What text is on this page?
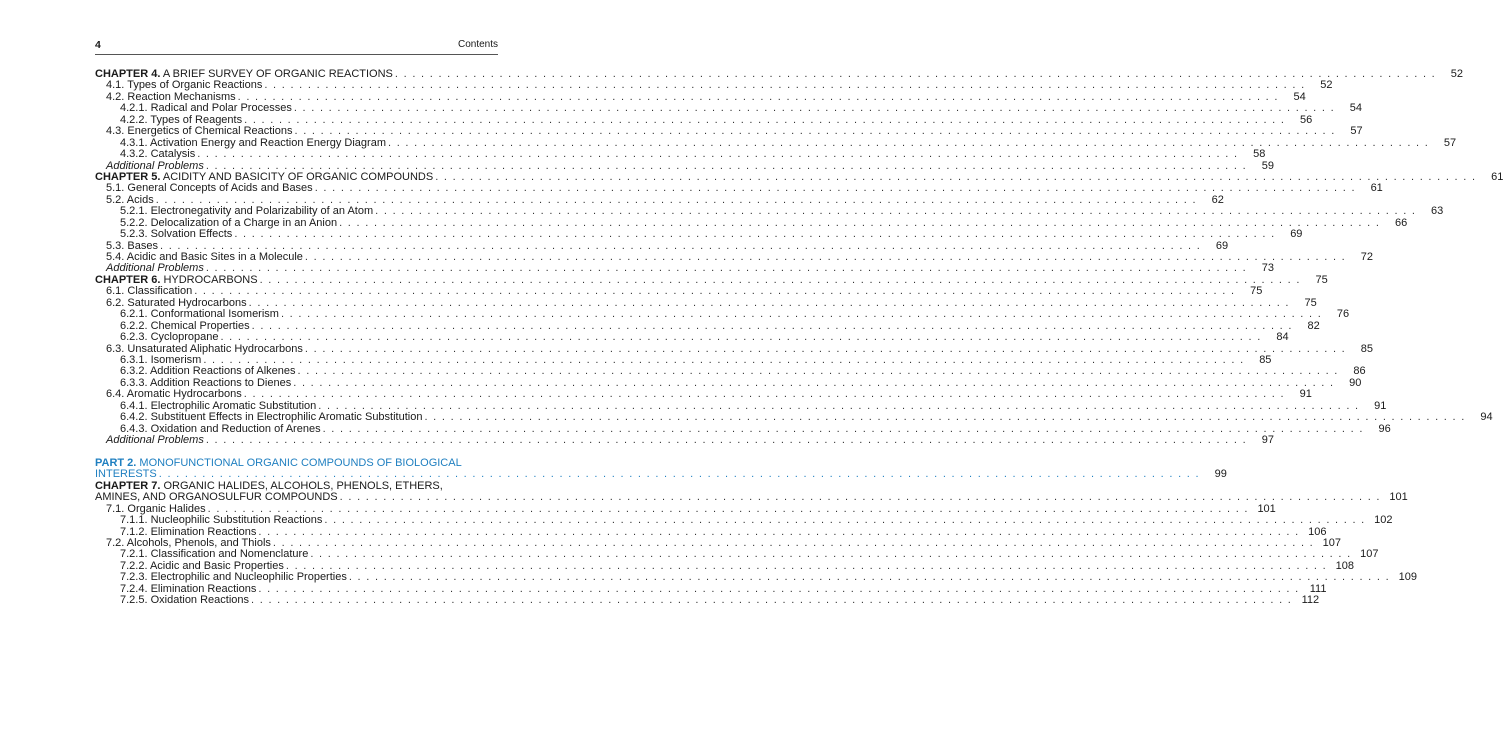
4	Contents
CHAPTER 4. A BRIEF SURVEY OF ORGANIC REACTIONS . . . . . . . . . . . . . . . . . . . . . . . . . . . . . . . . . . . . . . . . . . . . . . . . . . . . . . . . . . . . . . . . . . . . . . . . . . . . . . . . . . . . . . . . . . . . . . . . . . . . . . . . . . . . . . . . . . . . . . . .	52
4.1. Types of Organic Reactions . . . . . . . . . . . . . . . . . . . . . . . . . . . . . . . . . . . . . . . . . . . . . . . . . . . . . . . . . . . . . . . . . . . . . . . . . . . . . . . . . . . . . . . . . . . . . . . . . . . . . . . . . . . . . . . . . . . . . . . .	52
4.2. Reaction Mechanisms . . . . . . . . . . . . . . . . . . . . . . . . . . . . . . . . . . . . . . . . . . . . . . . . . . . . . . . . . . . . . . . . . . . . . . . . . . . . . . . . . . . . . . . . . . . . . . . . . . . . . . . . . . . . . . . . . . . . . . . .	54
4.2.1. Radical and Polar Processes . . . . . . . . . . . . . . . . . . . . . . . . . . . . . . . . . . . . . . . . . . . . . . . . . . . . . . . . . . . . . . . . . . . . . . . . . . . . . . . . . . . . . . . . . . . . . . . . . . . . . . . . . . . . . . . . . . . . . . . .	54
4.2.2. Types of Reagents . . . . . . . . . . . . . . . . . . . . . . . . . . . . . . . . . . . . . . . . . . . . . . . . . . . . . . . . . . . . . . . . . . . . . . . . . . . . . . . . . . . . . . . . . . . . . . . . . . . . . . . . . . . . . . . . . . . . . . . .	56
4.3. Energetics of Chemical Reactions . . . . . . . . . . . . . . . . . . . . . . . . . . . . . . . . . . . . . . . . . . . . . . . . . . . . . . . . . . . . . . . . . . . . . . . . . . . . . . . . . . . . . . . . . . . . . . . . . . . . . . . . . . . . . . . . . . . . . . . .	57
4.3.1. Activation Energy and Reaction Energy Diagram . . . . . . . . . . . . . . . . . . . . . . . . . . . . . . . . . . . . . . . . . . . . . . . . . . . . . . . . . . . . . . . . . . . . . . . . . . . . . . . . . . . . . . . . . . . . . . . . . . . . . . . . . . . . . . . . . . . . . . . .	57
4.3.2. Catalysis . . . . . . . . . . . . . . . . . . . . . . . . . . . . . . . . . . . . . . . . . . . . . . . . . . . . . . . . . . . . . . . . . . . . . . . . . . . . . . . . . . . . . . . . . . . . . . . . . . . . . . . . . . . . . . . . . . . . . . . .	58
Additional Problems . . . . . . . . . . . . . . . . . . . . . . . . . . . . . . . . . . . . . . . . . . . . . . . . . . . . . . . . . . . . . . . . . . . . . . . . . . . . . . . . . . . . . . . . . . . . . . . . . . . . . . . . . . . . . . . . . . . . . . . .	59
CHAPTER 5. ACIDITY AND BASICITY OF ORGANIC COMPOUNDS . . . . . . . . . . . . . . . . . . . . . . . . . . . . . . . . . . . . . . . . . . . . . . . . . . . . . . . . . . . . . . . . . . . . . . . . . . . . . . . . . . . . . . . . . . . . . . . . . . . . . . . . . . . . . . . . . . . . . . . .	61
5.1. General Concepts of Acids and Bases . . . . . . . . . . . . . . . . . . . . . . . . . . . . . . . . . . . . . . . . . . . . . . . . . . . . . . . . . . . . . . . . . . . . . . . . . . . . . . . . . . . . . . . . . . . . . . . . . . . . . . . . . . . . . . . . . . . . . . . .	61
5.2. Acids . . . . . . . . . . . . . . . . . . . . . . . . . . . . . . . . . . . . . . . . . . . . . . . . . . . . . . . . . . . . . . . . . . . . . . . . . . . . . . . . . . . . . . . . . . . . . . . . . . . . . . . . . . . . . . . . . . . . . . . .	62
5.2.1. Electronegativity and Polarizability of an Atom . . . . . . . . . . . . . . . . . . . . . . . . . . . . . . . . . . . . . . . . . . . . . . . . . . . . . . . . . . . . . . . . . . . . . . . . . . . . . . . . . . . . . . . . . . . . . . . . . . . . . . . . . . . . . . . . . . . . . . . .	63
5.2.2. Delocalization of a Charge in an Anion . . . . . . . . . . . . . . . . . . . . . . . . . . . . . . . . . . . . . . . . . . . . . . . . . . . . . . . . . . . . . . . . . . . . . . . . . . . . . . . . . . . . . . . . . . . . . . . . . . . . . . . . . . . . . . . . . . . . . . . .	66
5.2.3. Solvation Effects . . . . . . . . . . . . . . . . . . . . . . . . . . . . . . . . . . . . . . . . . . . . . . . . . . . . . . . . . . . . . . . . . . . . . . . . . . . . . . . . . . . . . . . . . . . . . . . . . . . . . . . . . . . . . . . . . . . . . . . .	69
5.3. Bases . . . . . . . . . . . . . . . . . . . . . . . . . . . . . . . . . . . . . . . . . . . . . . . . . . . . . . . . . . . . . . . . . . . . . . . . . . . . . . . . . . . . . . . . . . . . . . . . . . . . . . . . . . . . . . . . . . . . . . . .	69
5.4. Acidic and Basic Sites in a Molecule . . . . . . . . . . . . . . . . . . . . . . . . . . . . . . . . . . . . . . . . . . . . . . . . . . . . . . . . . . . . . . . . . . . . . . . . . . . . . . . . . . . . . . . . . . . . . . . . . . . . . . . . . . . . . . . . . . . . . . . .	72
Additional Problems . . . . . . . . . . . . . . . . . . . . . . . . . . . . . . . . . . . . . . . . . . . . . . . . . . . . . . . . . . . . . . . . . . . . . . . . . . . . . . . . . . . . . . . . . . . . . . . . . . . . . . . . . . . . . . . . . . . . . . . .	73
CHAPTER 6. HYDROCARBONS . . . . . . . . . . . . . . . . . . . . . . . . . . . . . . . . . . . . . . . . . . . . . . . . . . . . . . . . . . . . . . . . . . . . . . . . . . . . . . . . . . . . . . . . . . . . . . . . . . . . . . . . . . . . . . . . . . . . . . . .	75
6.1. Classification . . . . . . . . . . . . . . . . . . . . . . . . . . . . . . . . . . . . . . . . . . . . . . . . . . . . . . . . . . . . . . . . . . . . . . . . . . . . . . . . . . . . . . . . . . . . . . . . . . . . . . . . . . . . . . . . . . . . . . . .	75
6.2. Saturated Hydrocarbons . . . . . . . . . . . . . . . . . . . . . . . . . . . . . . . . . . . . . . . . . . . . . . . . . . . . . . . . . . . . . . . . . . . . . . . . . . . . . . . . . . . . . . . . . . . . . . . . . . . . . . . . . . . . . . . . . . . . . . . .	75
6.2.1. Conformational Isomerism . . . . . . . . . . . . . . . . . . . . . . . . . . . . . . . . . . . . . . . . . . . . . . . . . . . . . . . . . . . . . . . . . . . . . . . . . . . . . . . . . . . . . . . . . . . . . . . . . . . . . . . . . . . . . . . . . . . . . . . .	76
6.2.2. Chemical Properties . . . . . . . . . . . . . . . . . . . . . . . . . . . . . . . . . . . . . . . . . . . . . . . . . . . . . . . . . . . . . . . . . . . . . . . . . . . . . . . . . . . . . . . . . . . . . . . . . . . . . . . . . . . . . . . . . . . . . . . .	82
6.2.3. Cyclopropane . . . . . . . . . . . . . . . . . . . . . . . . . . . . . . . . . . . . . . . . . . . . . . . . . . . . . . . . . . . . . . . . . . . . . . . . . . . . . . . . . . . . . . . . . . . . . . . . . . . . . . . . . . . . . . . . . . . . . . . .	84
6.3. Unsaturated Aliphatic Hydrocarbons . . . . . . . . . . . . . . . . . . . . . . . . . . . . . . . . . . . . . . . . . . . . . . . . . . . . . . . . . . . . . . . . . . . . . . . . . . . . . . . . . . . . . . . . . . . . . . . . . . . . . . . . . . . . . . . . . . . . . . . .	85
6.3.1. Isomerism . . . . . . . . . . . . . . . . . . . . . . . . . . . . . . . . . . . . . . . . . . . . . . . . . . . . . . . . . . . . . . . . . . . . . . . . . . . . . . . . . . . . . . . . . . . . . . . . . . . . . . . . . . . . . . . . . . . . . . . .	85
6.3.2. Addition Reactions of Alkenes . . . . . . . . . . . . . . . . . . . . . . . . . . . . . . . . . . . . . . . . . . . . . . . . . . . . . . . . . . . . . . . . . . . . . . . . . . . . . . . . . . . . . . . . . . . . . . . . . . . . . . . . . . . . . . . . . . . . . . . .	86
6.3.3. Addition Reactions to Dienes . . . . . . . . . . . . . . . . . . . . . . . . . . . . . . . . . . . . . . . . . . . . . . . . . . . . . . . . . . . . . . . . . . . . . . . . . . . . . . . . . . . . . . . . . . . . . . . . . . . . . . . . . . . . . . . . . . . . . . . .	90
6.4. Aromatic Hydrocarbons . . . . . . . . . . . . . . . . . . . . . . . . . . . . . . . . . . . . . . . . . . . . . . . . . . . . . . . . . . . . . . . . . . . . . . . . . . . . . . . . . . . . . . . . . . . . . . . . . . . . . . . . . . . . . . . . . . . . . . . .	91
6.4.1. Electrophilic Aromatic Substitution . . . . . . . . . . . . . . . . . . . . . . . . . . . . . . . . . . . . . . . . . . . . . . . . . . . . . . . . . . . . . . . . . . . . . . . . . . . . . . . . . . . . . . . . . . . . . . . . . . . . . . . . . . . . . . . . . . . . . . . .	91
6.4.2. Substituent Effects in Electrophilic Aromatic Substitution . . . . . . . . . . . . . . . . . . . . . . . . . . . . . . . . . . . . . . . . . . . . . . . . . . . . . . . . . . . . . . . . . . . . . . . . . . . . . . . . . . . . . . . . . . . . . . . . . . . . . . . . . . . . . . . . . . . . . . . .	94
6.4.3. Oxidation and Reduction of Arenes . . . . . . . . . . . . . . . . . . . . . . . . . . . . . . . . . . . . . . . . . . . . . . . . . . . . . . . . . . . . . . . . . . . . . . . . . . . . . . . . . . . . . . . . . . . . . . . . . . . . . . . . . . . . . . . . . . . . . . . .	96
Additional Problems . . . . . . . . . . . . . . . . . . . . . . . . . . . . . . . . . . . . . . . . . . . . . . . . . . . . . . . . . . . . . . . . . . . . . . . . . . . . . . . . . . . . . . . . . . . . . . . . . . . . . . . . . . . . . . . . . . . . . . . .	97
PART 2. MONOFUNCTIONAL ORGANIC COMPOUNDS OF BIOLOGICAL
INTERESTS . . . . . . . . . . . . . . . . . . . . . . . . . . . . . . . . . . . . . . . . . . . . . . . . . . . . . . . . . . . . . . . . . . . . . . . . . . . . . . . . . . . . . . . . . . . . . . . . . . . . . . . . . . . . . . . . . . . . . . . .	99
CHAPTER 7. ORGANIC HALIDES, ALCOHOLS, PHENOLS, ETHERS,
AMINES, AND ORGANOSULFUR COMPOUNDS . . . . . . . . . . . . . . . . . . . . . . . . . . . . . . . . . . . . . . . . . . . . . . . . . . . . . . . . . . . . . . . . . . . . . . . . . . . . . . . . . . . . . . . . . . . . . . . . . . . . . . . . . . . . . . . . . . . . . . . . 101
7.1. Organic Halides . . . . . . . . . . . . . . . . . . . . . . . . . . . . . . . . . . . . . . . . . . . . . . . . . . . . . . . . . . . . . . . . . . . . . . . . . . . . . . . . . . . . . . . . . . . . . . . . . . . . . . . . . . . . . . . . . . . . . . . . 101
7.1.1. Nucleophilic Substitution Reactions . . . . . . . . . . . . . . . . . . . . . . . . . . . . . . . . . . . . . . . . . . . . . . . . . . . . . . . . . . . . . . . . . . . . . . . . . . . . . . . . . . . . . . . . . . . . . . . . . . . . . . . . . . . . . . . . . . . . . . . . 102
7.1.2. Elimination Reactions . . . . . . . . . . . . . . . . . . . . . . . . . . . . . . . . . . . . . . . . . . . . . . . . . . . . . . . . . . . . . . . . . . . . . . . . . . . . . . . . . . . . . . . . . . . . . . . . . . . . . . . . . . . . . . . . . . . . . . . . 106
7.2. Alcohols, Phenols, and Thiols . . . . . . . . . . . . . . . . . . . . . . . . . . . . . . . . . . . . . . . . . . . . . . . . . . . . . . . . . . . . . . . . . . . . . . . . . . . . . . . . . . . . . . . . . . . . . . . . . . . . . . . . . . . . . . . . . . . . . . . . 107
7.2.1. Classification and Nomenclature . . . . . . . . . . . . . . . . . . . . . . . . . . . . . . . . . . . . . . . . . . . . . . . . . . . . . . . . . . . . . . . . . . . . . . . . . . . . . . . . . . . . . . . . . . . . . . . . . . . . . . . . . . . . . . . . . . . . . . . . 107
7.2.2. Acidic and Basic Properties . . . . . . . . . . . . . . . . . . . . . . . . . . . . . . . . . . . . . . . . . . . . . . . . . . . . . . . . . . . . . . . . . . . . . . . . . . . . . . . . . . . . . . . . . . . . . . . . . . . . . . . . . . . . . . . . . . . . . . . . 108
7.2.3. Electrophilic and Nucleophilic Properties . . . . . . . . . . . . . . . . . . . . . . . . . . . . . . . . . . . . . . . . . . . . . . . . . . . . . . . . . . . . . . . . . . . . . . . . . . . . . . . . . . . . . . . . . . . . . . . . . . . . . . . . . . . . . . . . . . . . . . . . 109
7.2.4. Elimination Reactions . . . . . . . . . . . . . . . . . . . . . . . . . . . . . . . . . . . . . . . . . . . . . . . . . . . . . . . . . . . . . . . . . . . . . . . . . . . . . . . . . . . . . . . . . . . . . . . . . . . . . . . . . . . . . . . . . . . . . . . . 111
7.2.5. Oxidation Reactions . . . . . . . . . . . . . . . . . . . . . . . . . . . . . . . . . . . . . . . . . . . . . . . . . . . . . . . . . . . . . . . . . . . . . . . . . . . . . . . . . . . . . . . . . . . . . . . . . . . . . . . . . . . . . . . . . . . . . . . . 112
